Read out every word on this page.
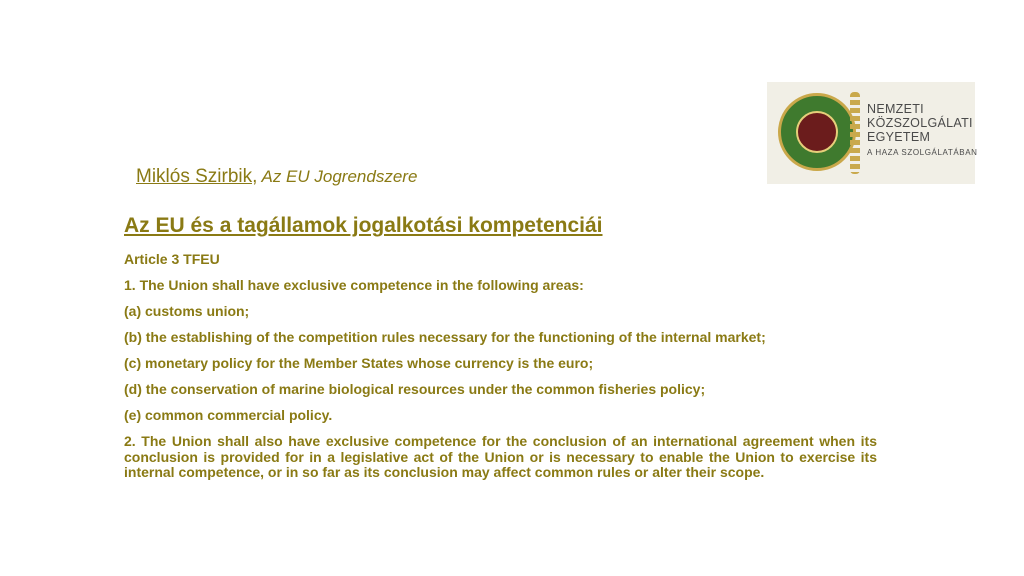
Miklós Szirbik, Az EU Jogrendszere
NEMZETI
KÖZSZOLGÁLATI
EGYETEM
A HAZA SZOLGÁLATÁBAN
Az EU és a tagállamok jogalkotási kompetenciái
Article 3 TFEU
1. The Union shall have exclusive competence in the following areas:
(a) customs union;
(b) the establishing of the competition rules necessary for the functioning of the internal market;
(c) monetary policy for the Member States whose currency is the euro;
(d) the conservation of marine biological resources under the common fisheries policy;
(e) common commercial policy.
2. The Union shall also have exclusive competence for the conclusion of an international agreement when its conclusion is provided for in a legislative act of the Union or is necessary to enable the Union to exercise its internal competence, or in so far as its conclusion may affect common rules or alter their scope.
